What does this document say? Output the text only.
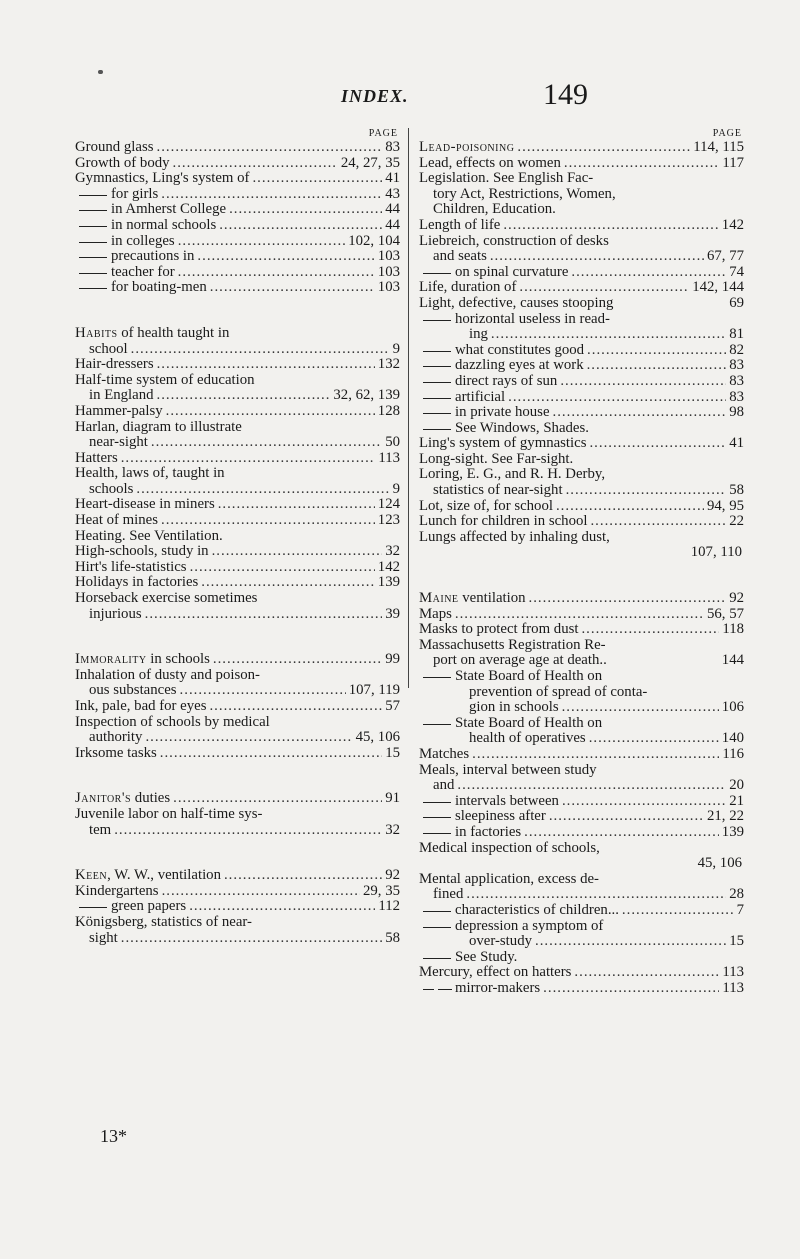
INDEX.	149
PAGE
Ground glass .....	83
Growth of body .....	24, 27, 35
Gymnastics, Ling's system of .....	41
for girls .....	43
in Amherst College .....	44
in normal schools .....	44
in colleges .....	102, 104
precautions in .....	103
teacher for .....	103
for boating-men .....	103
Habits of health taught in
school .....	9
Hair-dressers .....	132
Half-time system of education
in England .....	32, 62, 139
Hammer-palsy .....	128
Harlan, diagram to illustrate
near-sight .....	50
Hatters .....	113
Health, laws of, taught in
schools .....	9
Heart-disease in miners .....	124
Heat of mines .....	123
Heating. See Ventilation.
High-schools, study in .....	32
Hirt's life-statistics .....	142
Holidays in factories .....	139
Horseback exercise sometimes
injurious .....	39
Immorality in schools .....	99
Inhalation of dusty and poison-
ous substances .....	107, 119
Ink, pale, bad for eyes .....	57
Inspection of schools by medical
authority .....	45, 106
Irksome tasks .....	15
Janitor's duties .....	91
Juvenile labor on half-time sys-
tem .....	32
Keen, W. W., ventilation .....	92
Kindergartens .....	29, 35
green papers .....	112
Königsberg, statistics of near-
sight .....	58
PAGE
Lead-poisoning .....	114, 115
Lead, effects on women .....	117
Legislation. See English Fac-
tory Act, Restrictions, Women,
Children, Education.
Length of life .....	142
Liebreich, construction of desks
and seats .....	67, 77
on spinal curvature .....	74
Life, duration of .....	142, 144
Light, defective, causes stooping	69
horizontal useless in read-
ing .....	81
what constitutes good .....	82
dazzling eyes at work .....	83
direct rays of sun .....	83
artificial .....	83
in private house .....	98
See Windows, Shades.
Ling's system of gymnastics .....	41
Long-sight. See Far-sight.
Loring, E. G., and R. H. Derby,
statistics of near-sight .....	58
Lot, size of, for school .....	94, 95
Lunch for children in school .....	22
Lungs affected by inhaling dust,
107, 110
Maine ventilation .....	92
Maps .....	56, 57
Masks to protect from dust .....	118
Massachusetts Registration Re-
port on average age at death..	144
State Board of Health on
prevention of spread of conta-
gion in schools .....	106
State Board of Health on
health of operatives .....	140
Matches .....	116
Meals, interval between study
and .....	20
intervals between .....	21
sleepiness after .....	21, 22
in factories .....	139
Medical inspection of schools,
45, 106
Mental application, excess de-
fined .....	28
characteristics of children... .....	7
depression a symptom of
over-study .....	15
See Study.
Mercury, effect on hatters .....	113
mirror-makers .....	113
13*
